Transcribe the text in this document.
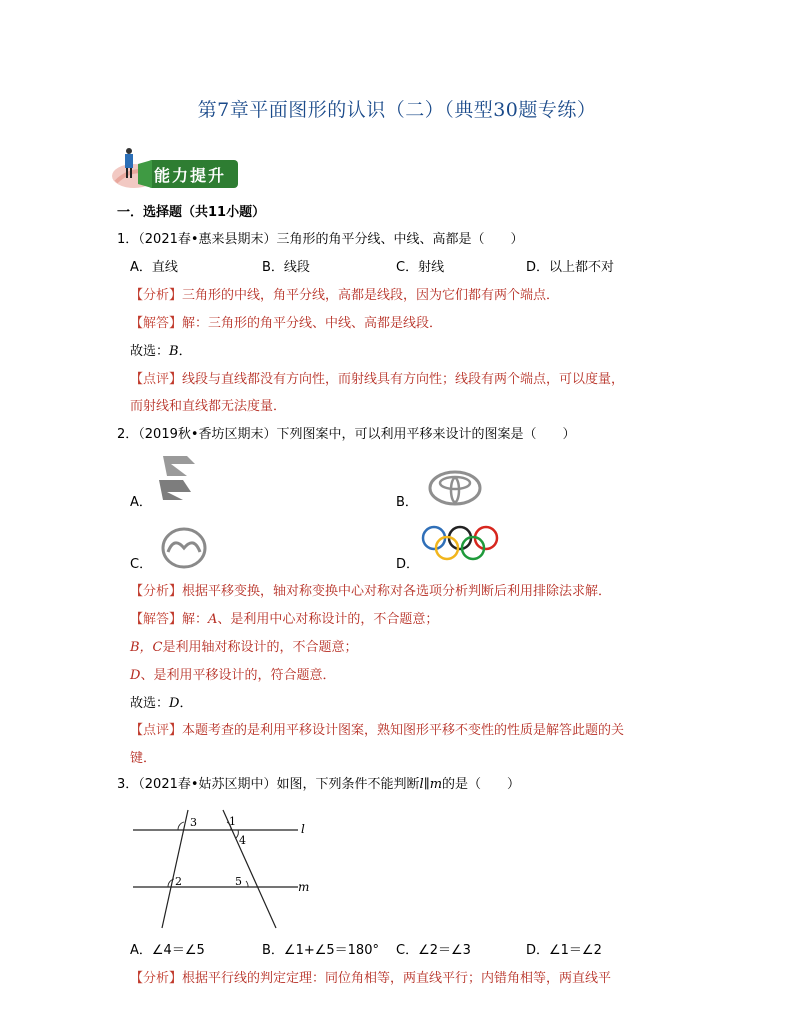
第7章平面图形的认识（二）（典型30题专练）
能力提升
一．选择题（共11小题）
1．（2021春•惠来县期末）三角形的角平分线、中线、高都是（　　）
A．直线	B．线段	C．射线	D．以上都不对
【分析】三角形的中线，角平分线，高都是线段，因为它们都有两个端点．
【解答】解：三角形的角平分线、中线、高都是线段．
故选：B．
【点评】线段与直线都没有方向性，而射线具有方向性；线段有两个端点，可以度量，
而射线和直线都无法度量．
2．（2019秋•香坊区期末）下列图案中，可以利用平移来设计的图案是（　　）
A．	B．
C．	D．
【分析】根据平移变换，轴对称变换中心对称对各选项分析判断后利用排除法求解．
【解答】解：A、是利用中心对称设计的，不合题意；
B，C是利用轴对称设计的，不合题意；
D、是利用平移设计的，符合题意．
故选：D．
【点评】本题考查的是利用平移设计图案，熟知图形平移不变性的性质是解答此题的关
键．
3．（2021春•姑苏区期中）如图，下列条件不能判断l∥m的是（　　）
3	1
4
2	5
l
m
A．∠4＝∠5	B．∠1+∠5＝180° C．∠2＝∠3	D．∠1＝∠2
【分析】根据平行线的判定定理：同位角相等，两直线平行；内错角相等，两直线平
